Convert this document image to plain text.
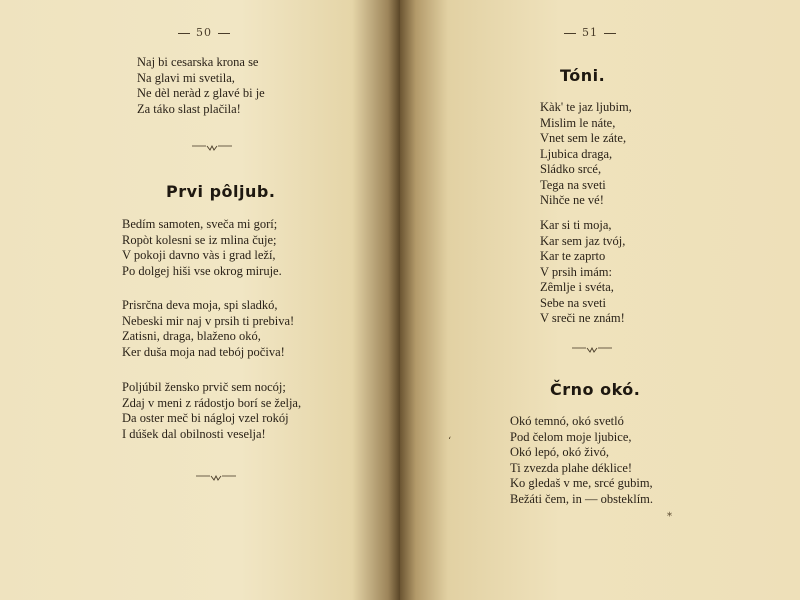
50
Naj bi cesarska krona se
Na glavi mi svetila,
Ne dèl neràd z glavé bi je
Za táko slast plačila!
Prvi pôljub.
Bedím samoten, sveča mi gorí;
Ropòt kolesni se iz mlina čuje;
V pokoji davno vàs i grad leží,
Po dolgej hiši vse okrog miruje.
Prisrčna deva moja, spi sladkó,
Nebeski mir naj v prsih ti prebiva!
Zatisni, draga, blaženo okó,
Ker duša moja nad tebój počiva!
Poljúbil žensko prvič sem nocój;
Zdaj v meni z rádostjo borí se želja,
Da oster meč bi nágloj vzel rokój
I dúšek dal obilnosti veselja!
51
Tóni.
Kàk' te jaz ljubim,
Mislim le náte,
Vnet sem le záte,
Ljubica draga,
Sládko srcé,
Tega na sveti
Nihče ne vé!
Kar si ti moja,
Kar sem jaz tvój,
Kar te zaprto
V prsih imám:
Zêmlje i svéta,
Sebe na sveti
V sreči ne znám!
Črno okó.
Okó temnó, okó svetló
Pod čelom moje ljubice,
Okó lepó, okó živó,
Ti zvezda plahe déklice!
Ko gledaš v me, srcé gubim,
Bežáti čem, in — obsteklím.
‘
⁎
